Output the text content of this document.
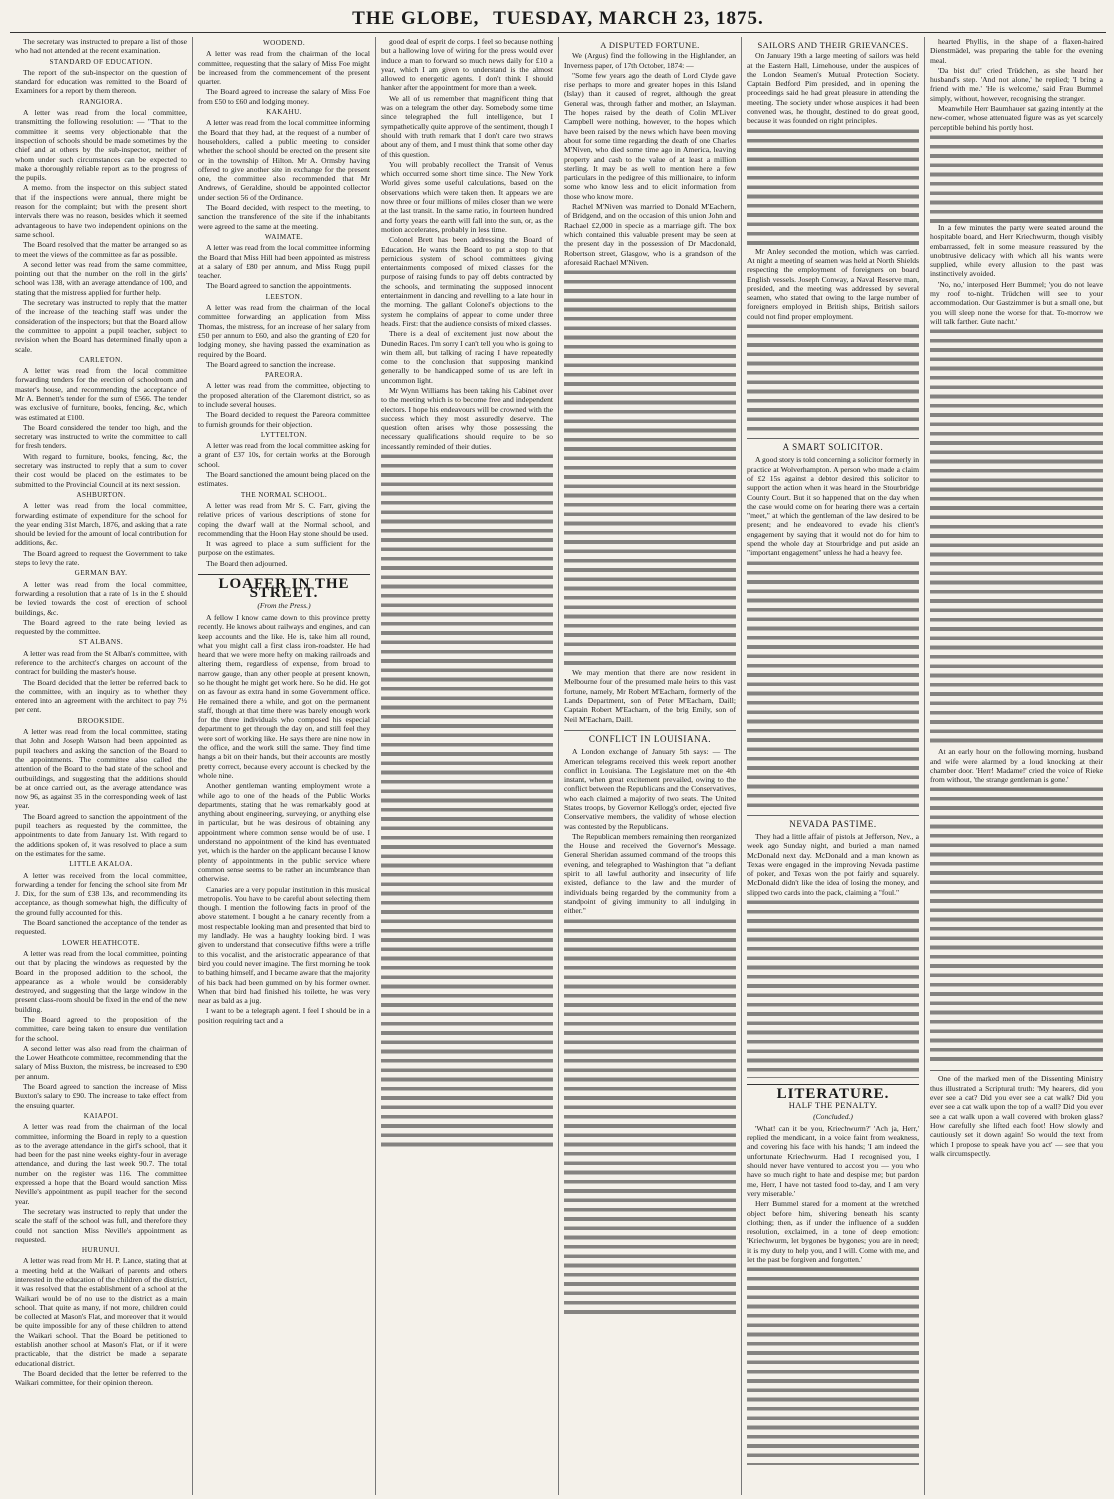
THE GLOBE, TUESDAY, MARCH 23, 1875.

The secretary was instructed to prepare a list of those who had not attended at the recent examination.

STANDARD OF EDUCATION.

The report of the sub-inspector on the question of standard for education was remitted to the Board of Examiners for a report by them thereon.

RANGIORA.

A letter was read from the local committee, transmitting the following resolution: — "That to the committee it seems very objectionable that the inspection of schools should be made sometimes by the chief and at others by the sub-inspector, neither of whom under such circumstances can be expected to make a thoroughly reliable report as to the progress of the pupils.

A memo. from the inspector on this subject stated that if the inspections were annual, there might be reason for the complaint; but with the present short intervals there was no reason, besides which it seemed advantageous to have two independent opinions on the same school.

The Board resolved that the matter be arranged so as to meet the views of the committee as far as possible.

A second letter was read from the same committee, pointing out that the number on the roll in the girls' school was 138, with an average attendance of 100, and stating that the mistress applied for further help.

The secretary was instructed to reply that the matter of the increase of the teaching staff was under the consideration of the inspectors; but that the Board allow the committee to appoint a pupil teacher, subject to revision when the Board has determined finally upon a scale.

CARLETON.

A letter was read from the local committee forwarding tenders for the erection of schoolroom and master's house, and recommending the acceptance of Mr A. Bennett's tender for the sum of £566. The tender was exclusive of furniture, books, fencing, &c, which was estimated at £100.

The Board considered the tender too high, and the secretary was instructed to write the committee to call for fresh tenders.

With regard to furniture, books, fencing, &c, the secretary was instructed to reply that a sum to cover their cost would be placed on the estimates to be submitted to the Provincial Council at its next session.

ASHBURTON.

A letter was read from the local committee, forwarding estimate of expenditure for the school for the year ending 31st March, 1876, and asking that a rate should be levied for the amount of local contribution for additions, &c.

The Board agreed to request the Government to take steps to levy the rate.

GERMAN BAY.

A letter was read from the local committee, forwarding a resolution that a rate of 1s in the £ should be levied towards the cost of erection of school buildings, &c.

The Board agreed to the rate being levied as requested by the committee.

ST ALBANS.

A letter was read from the St Alban's committee, with reference to the architect's charges on account of the contract for building the master's house.

The Board decided that the letter be referred back to the committee, with an inquiry as to whether they entered into an agreement with the architect to pay 7½ per cent.

BROOKSIDE.

A letter was read from the local committee, stating that John and Joseph Watson had been appointed as pupil teachers and asking the sanction of the Board to the appointments. The committee also called the attention of the Board to the bad state of the school and outbuildings, and suggesting that the additions should be at once carried out, as the average attendance was now 96, as against 35 in the corresponding week of last year.

The Board agreed to sanction the appointment of the pupil teachers as requested by the committee, the appointments to date from January 1st. With regard to the additions spoken of, it was resolved to place a sum on the estimates for the same.

LITTLE AKALOA.

A letter was received from the local committee, forwarding a tender for fencing the school site from Mr J. Dix, for the sum of £38 13s, and recommending its acceptance, as though somewhat high, the difficulty of the ground fully accounted for this.

The Board sanctioned the acceptance of the tender as requested.

LOWER HEATHCOTE.

A letter was read from the local committee, pointing out that by placing the windows as requested by the Board in the proposed addition to the school, the appearance as a whole would be considerably destroyed, and suggesting that the large window in the present class-room should be fixed in the end of the new building.

The Board agreed to the proposition of the committee, care being taken to ensure due ventilation for the school.

A second letter was also read from the chairman of the Lower Heathcote committee, recommending that the salary of Miss Buxton, the mistress, be increased to £90 per annum.

The Board agreed to sanction the increase of Miss Buxton's salary to £90. The increase to take effect from the ensuing quarter.

KAIAPOI.

A letter was read from the chairman of the local committee, informing the Board in reply to a question as to the average attendance in the girl's school, that it had been for the past nine weeks eighty-four in average attendance, and during the last week 90.7. The total number on the register was 116. The committee expressed a hope that the Board would sanction Miss Neville's appointment as pupil teacher for the second year.

The secretary was instructed to reply that under the scale the staff of the school was full, and therefore they could not sanction Miss Neville's appointment as requested.

HURUNUI.

A letter was read from Mr H. P. Lance, stating that at a meeting held at the Waikari of parents and others interested in the education of the children of the district, it was resolved that the establishment of a school at the Waikari would be of no use to the district as a main school. That quite as many, if not more, children could be collected at Mason's Flat, and moreover that it would be quite impossible for any of these children to attend the Waikari school. That the Board be petitioned to establish another school at Mason's Flat, or if it were practicable, that the district be made a separate educational district.

The Board decided that the letter be referred to the Waikari committee, for their opinion thereon.

WOODEND.

A letter was read from the chairman of the local committee, requesting that the salary of Miss Foe might be increased from the commencement of the present quarter.

The Board agreed to increase the salary of Miss Foe from £50 to £60 and lodging money.

KAKAHU.

A letter was read from the local committee informing the Board that they had, at the request of a number of householders, called a public meeting to consider whether the school should be erected on the present site or in the township of Hilton. Mr A. Ormsby having offered to give another site in exchange for the present one, the committee also recommended that Mr Andrews, of Geraldine, should be appointed collector under section 56 of the Ordinance.

The Board decided, with respect to the meeting, to sanction the transference of the site if the inhabitants were agreed to the same at the meeting.

WAIMATE.

A letter was read from the local committee informing the Board that Miss Hill had been appointed as mistress at a salary of £80 per annum, and Miss Rugg pupil teacher.

The Board agreed to sanction the appointments.

LEESTON.

A letter was read from the chairman of the local committee forwarding an application from Miss Thomas, the mistress, for an increase of her salary from £50 per annum to £60, and also the granting of £20 for lodging money, she having passed the examination as required by the Board.

The Board agreed to sanction the increase.

PAREORA.

A letter was read from the committee, objecting to the proposed alteration of the Claremont district, so as to include several houses.

The Board decided to request the Pareora committee to furnish grounds for their objection.

LYTTELTON.

A letter was read from the local committee asking for a grant of £37 10s, for certain works at the Borough school.

The Board sanctioned the amount being placed on the estimates.

THE NORMAL SCHOOL.

A letter was read from Mr S. C. Farr, giving the relative prices of various descriptions of stone for coping the dwarf wall at the Normal school, and recommending that the Hoon Hay stone should be used.

It was agreed to place a sum sufficient for the purpose on the estimates.

The Board then adjourned.

LOAFER IN THE STREET.
(From the Press.)

A fellow I know came down to this province pretty recently. He knows about railways and engines, and can keep accounts and the like. He is, take him all round, what you might call a first class iron-roadster. He had heard that we were more hefty on making railroads and altering them, regardless of expense, from broad to narrow gauge, than any other people at present known, so he thought he might get work here. So he did. He got on as favour as extra hand in some Government office. He remained there a while, and got on the permanent staff, though at that time there was barely enough work for the three individuals who composed his especial department to get through the day on, and still feel they were sort of working like. He says there are nine now in the office, and the work still the same. They find time hangs a bit on their hands, but their accounts are mostly pretty correct, because every account is checked by the whole nine.

Another gentleman wanting employment wrote a while ago to one of the heads of the Public Works departments, stating that he was remarkably good at anything about engineering, surveying, or anything else in particular, but he was desirous of obtaining any appointment where common sense would be of use. I understand no appointment of the kind has eventuated yet, which is the harder on the applicant because I know plenty of appointments in the public service where common sense seems to be rather an incumbrance than otherwise.

Canaries are a very popular institution in this musical metropolis. You have to be careful about selecting them though. I mention the following facts in proof of the above statement. I bought a he canary recently from a most respectable looking man and presented that bird to my landlady. He was a haughty looking bird. I was given to understand that consecutive fifths were a trifle to this vocalist, and the aristocratic appearance of that bird you could never imagine. The first morning he took to bathing himself, and I became aware that the majority of his back had been gummed on by his former owner. When that bird had finished his toilette, he was very near as bald as a jug.

I want to be a telegraph agent. I feel I should be in a position requiring tact and a

good deal of esprit de corps. I feel so because nothing but a hallowing love of wiring for the press would ever induce a man to forward so much news daily for £10 a year, which I am given to understand is the almost allowed to energetic agents. I don't think I should hanker after the appointment for more than a week.

We all of us remember that magnificent thing that was on a telegram the other day. Somebody some time since telegraphed the full intelligence, but I sympathetically quite approve of the sentiment, though I should with truth remark that I don't care two straws about any of them, and I must think that some other day of this question.

You will probably recollect the Transit of Venus which occurred some short time since. The New York World gives some useful calculations, based on the observations which were taken then. It appears we are now three or four millions of miles closer than we were at the last transit. In the same ratio, in fourteen hundred and forty years the earth will fall into the sun, or, as the motion accelerates, probably in less time.

Colonel Brett has been addressing the Board of Education. He wants the Board to put a stop to that pernicious system of school committees giving entertainments composed of mixed classes for the purpose of raising funds to pay off debts contracted by the schools, and terminating the supposed innocent entertainment in dancing and revelling to a late hour in the morning. The gallant Colonel's objections to the system he complains of appear to come under three heads. First: that the audience consists of mixed classes.

There is a deal of excitement just now about the Dunedin Races. I'm sorry I can't tell you who is going to win them all, but talking of racing I have repeatedly come to the conclusion that supposing mankind generally to be handicapped some of us are left in uncommon light.

Mr Wynn Williams has been taking his Cabinet over to the meeting which is to become free and independent electors. I hope his endeavours will be crowned with the success which they most assuredly deserve. The question often arises why those possessing the necessary qualifications should require to be so incessantly reminded of their duties.

A DISPUTED FORTUNE.

We (Argus) find the following in the Highlander, an Inverness paper, of 17th October, 1874: —

"Some few years ago the death of Lord Clyde gave rise perhaps to more and greater hopes in this Island (Islay) than it caused of regret, although the great General was, through father and mother, an Islayman. The hopes raised by the death of Colin M'Liver Campbell were nothing, however, to the hopes which have been raised by the news which have been moving about for some time regarding the death of one Charles M'Niven, who died some time ago in America, leaving property and cash to the value of at least a million sterling. It may be as well to mention here a few particulars in the pedigree of this millionaire, to inform some who know less and to elicit information from those who know more.

Rachel M'Niven was married to Donald M'Eachern, of Bridgend, and on the occasion of this union John and Rachael £2,000 in specie as a marriage gift. The box which contained this valuable present may be seen at the present day in the possession of Dr Macdonald, Robertson street, Glasgow, who is a grandson of the aforesaid Rachael M'Niven.

We may mention that there are now resident in Melbourne four of the presumed male heirs to this vast fortune, namely, Mr Robert M'Eacharn, formerly of the Lands Department, son of Peter M'Eacharn, Daill; Captain Robert M'Eacharn, of the brig Emily, son of Neil M'Eacharn, Daill.

CONFLICT IN LOUISIANA.

A London exchange of January 5th says: — The American telegrams received this week report another conflict in Louisiana. The Legislature met on the 4th instant, when great excitement prevailed, owing to the conflict between the Republicans and the Conservatives, who each claimed a majority of two seats. The United States troops, by Governor Kellogg's order, ejected five Conservative members, the validity of whose election was contested by the Republicans.

The Republican members remaining then reorganized the House and received the Governor's Message. General Sheridan assumed command of the troops this evening, and telegraphed to Washington that "a defiant spirit to all lawful authority and insecurity of life existed, defiance to the law and the murder of individuals being regarded by the community from a standpoint of giving immunity to all indulging in either."

SAILORS AND THEIR GRIEVANCES.

On January 19th a large meeting of sailors was held at the Eastern Hall, Limehouse, under the auspices of the London Seamen's Mutual Protection Society. Captain Bedford Pim presided, and in opening the proceedings said he had great pleasure in attending the meeting. The society under whose auspices it had been convened was, he thought, destined to do great good, because it was founded on right principles.

Mr Anley seconded the motion, which was carried. At night a meeting of seamen was held at North Shields respecting the employment of foreigners on board English vessels. Joseph Conway, a Naval Reserve man, presided, and the meeting was addressed by several seamen, who stated that owing to the large number of foreigners employed in British ships, British sailors could not find proper employment.

A SMART SOLICITOR.

A good story is told concerning a solicitor formerly in practice at Wolverhampton. A person who made a claim of £2 15s against a debtor desired this solicitor to support the action when it was heard in the Stourbridge County Court. But it so happened that on the day when the case would come on for hearing there was a certain "meet," at which the gentleman of the law desired to be present; and he endeavored to evade his client's engagement by saying that it would not do for him to spend the whole day at Stourbridge and put aside an "important engagement" unless he had a heavy fee.

NEVADA PASTIME.

They had a little affair of pistols at Jefferson, Nev., a week ago Sunday night, and buried a man named McDonald next day. McDonald and a man known as Texas were engaged in the improving Nevada pastime of poker, and Texas won the pot fairly and squarely. McDonald didn't like the idea of losing the money, and slipped two cards into the pack, claiming a "foul."

LITERATURE.
HALF THE PENALTY.
(Concluded.)

'What! can it be you, Kriechwurm?' 'Ach ja, Herr,' replied the mendicant, in a voice faint from weakness, and covering his face with his hands; 'I am indeed the unfortunate Kriechwurm. Had I recognised you, I should never have ventured to accost you — you who have so much right to hate and despise me; but pardon me, Herr, I have not tasted food to-day, and I am very very miserable.'

Herr Bummel stared for a moment at the wretched object before him, shivering beneath his scanty clothing; then, as if under the influence of a sudden resolution, exclaimed, in a tone of deep emotion: 'Kriechwurm, let bygones be bygones; you are in need; it is my duty to help you, and I will. Come with me, and let the past be forgiven and forgotten.'

hearted Phyllis, in the shape of a flaxen-haired Dienstmädel, was preparing the table for the evening meal.

'Da bist du!' cried Trüdchen, as she heard her husband's step. 'And not alone,' he replied; 'I bring a friend with me.' 'He is welcome,' said Frau Bummel simply, without, however, recognising the stranger.

Meanwhile Herr Baumhauer sat gazing intently at the new-comer, whose attenuated figure was as yet scarcely perceptible behind his portly host.

In a few minutes the party were seated around the hospitable board, and Herr Kriechwurm, though visibly embarrassed, felt in some measure reassured by the unobtrusive delicacy with which all his wants were supplied, while every allusion to the past was instinctively avoided.

'No, no,' interposed Herr Bummel; 'you do not leave my roof to-night. Trüdchen will see to your accommodation. Our Gastzimmer is but a small one, but you will sleep none the worse for that. To-morrow we will talk farther. Gute nacht.'

At an early hour on the following morning, husband and wife were alarmed by a loud knocking at their chamber door. 'Herr! Madame!' cried the voice of Rieke from without, 'the strange gentleman is gone.'

One of the marked men of the Dissenting Ministry thus illustrated a Scriptural truth: 'My hearers, did you ever see a cat? Did you ever see a cat walk? Did you ever see a cat walk upon the top of a wall? Did you ever see a cat walk upon a wall covered with broken glass? How carefully she lifted each foot! How slowly and cautiously set it down again! So would the text from which I propose to speak have you act' — see that you walk circumspectly.
